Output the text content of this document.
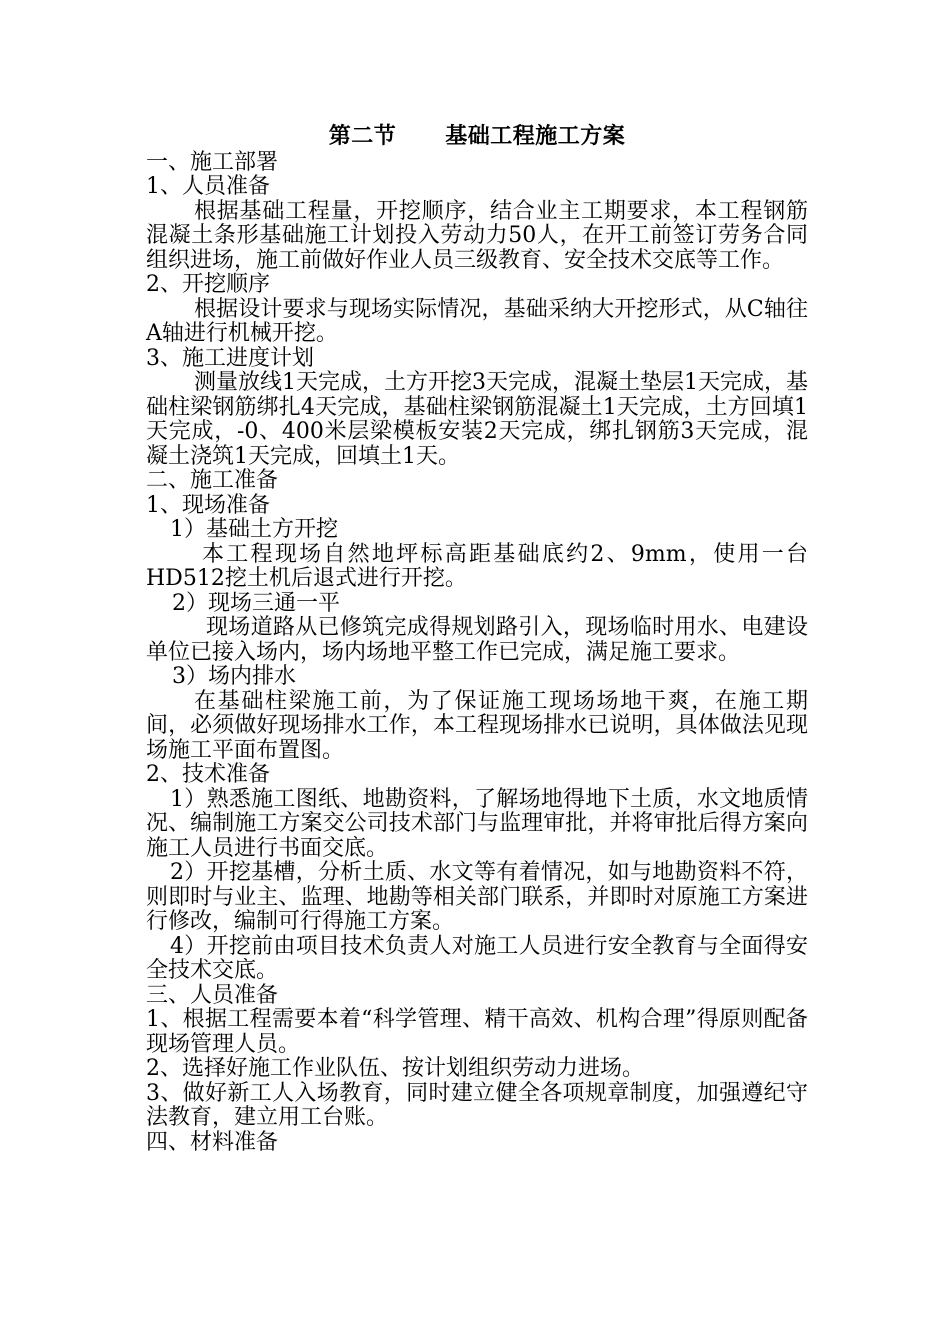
第二节      基础工程施工方案
一、施工部署
1、人员准备
根据基础工程量，开挖顺序，结合业主工期要求，本工程钢筋混凝土条形基础施工计划投入劳动力50人，在开工前签订劳务合同组织进场，施工前做好作业人员三级教育、安全技术交底等工作。
2、开挖顺序
根据设计要求与现场实际情况，基础采纳大开挖形式，从C轴往A轴进行机械开挖。
3、施工进度计划
测量放线1天完成，土方开挖3天完成，混凝土垫层1天完成，基础柱梁钢筋绑扎4天完成，基础柱梁钢筋混凝土1天完成，土方回填1天完成，-0、400米层梁模板安装2天完成，绑扎钢筋3天完成，混凝土浇筑1天完成，回填土1天。
二、施工准备
1、现场准备
1）基础土方开挖
本工程现场自然地坪标高距基础底约2、9mm，使用一台HD512挖土机后退式进行开挖。
2）现场三通一平
现场道路从已修筑完成得规划路引入，现场临时用水、电建设单位已接入场内，场内场地平整工作已完成，满足施工要求。
3）场内排水
在基础柱梁施工前，为了保证施工现场场地干爽，在施工期间，必须做好现场排水工作，本工程现场排水已说明，具体做法见现场施工平面布置图。
2、技术准备
1）熟悉施工图纸、地勘资料，了解场地得地下土质，水文地质情况、编制施工方案交公司技术部门与监理审批，并将审批后得方案向施工人员进行书面交底。
2）开挖基槽，分析土质、水文等有着情况，如与地勘资料不符，则即时与业主、监理、地勘等相关部门联系，并即时对原施工方案进行修改，编制可行得施工方案。
4）开挖前由项目技术负责人对施工人员进行安全教育与全面得安全技术交底。
三、人员准备
1、根据工程需要本着“科学管理、精干高效、机构合理”得原则配备现场管理人员。
2、选择好施工作业队伍、按计划组织劳动力进场。
3、做好新工人入场教育，同时建立健全各项规章制度，加强遵纪守法教育，建立用工台账。
四、材料准备
